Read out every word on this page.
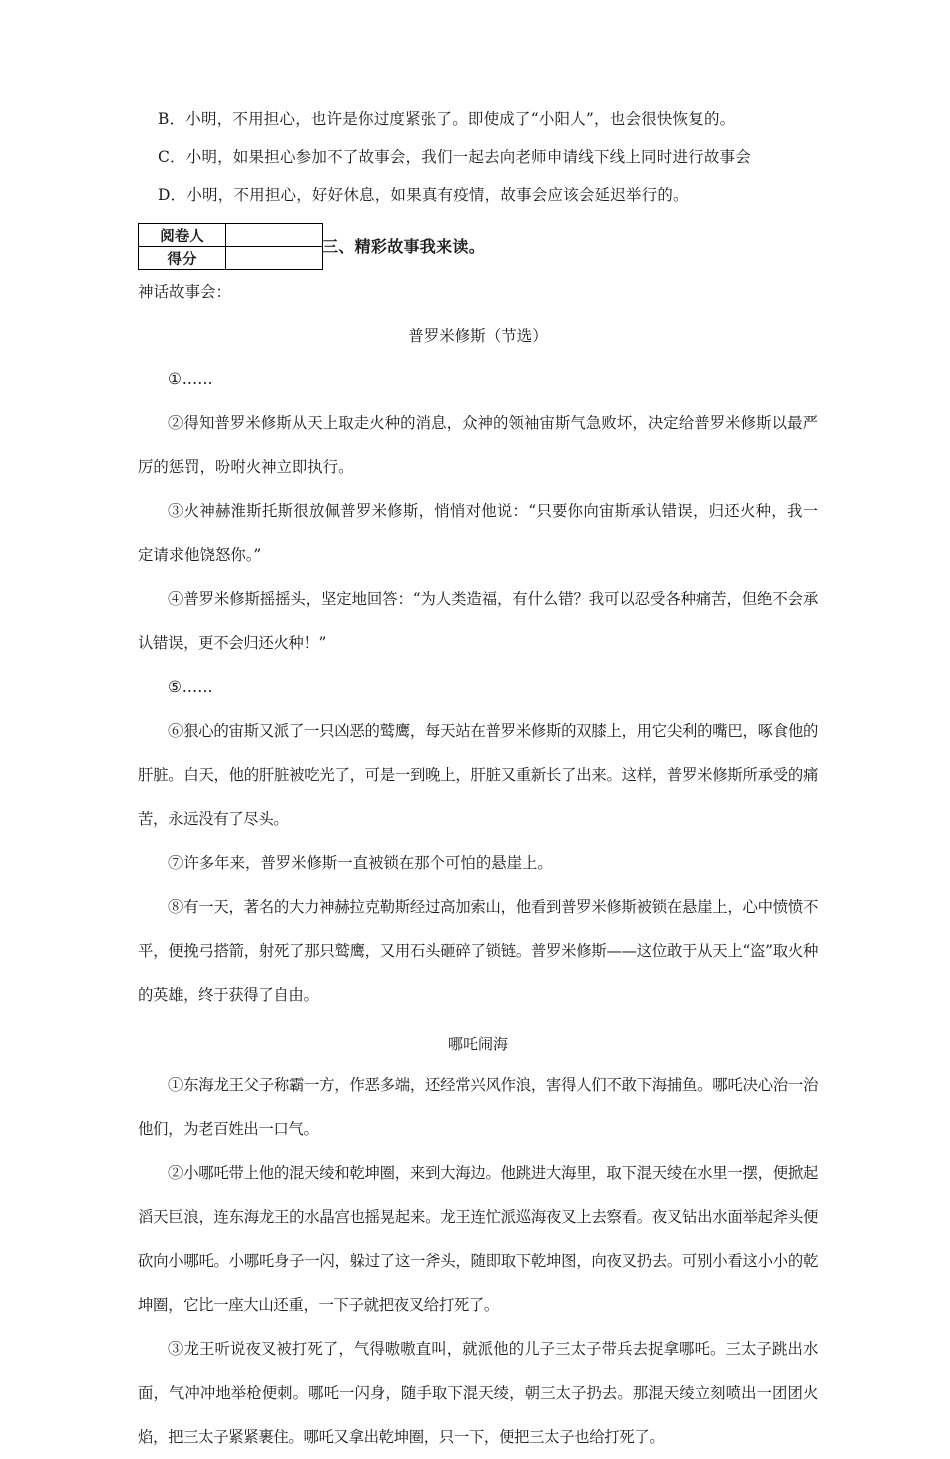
B．小明，不用担心，也许是你过度紧张了。即使成了“小阳人”，也会很快恢复的。
C．小明，如果担心参加不了故事会，我们一起去向老师申请线下线上同时进行故事会
D．小明，不用担心，好好休息，如果真有疫情，故事会应该会延迟举行的。
阅卷人	
得分	
三、精彩故事我来读。
神话故事会：
普罗米修斯（节选）

①……

②得知普罗米修斯从天上取走火种的消息，众神的领袖宙斯气急败坏，决定给普罗米修斯以最严厉的惩罚，吩咐火神立即执行。

③火神赫淮斯托斯很放佩普罗米修斯，悄悄对他说：“只要你向宙斯承认错误，归还火种，我一定请求他饶怒你。”

④普罗米修斯摇摇头，坚定地回答：“为人类造福，有什么错？我可以忍受各种痛苦，但绝不会承认错误，更不会归还火种！”

⑤……

⑥狠心的宙斯又派了一只凶恶的鹫鹰，每天站在普罗米修斯的双膝上，用它尖利的嘴巴，啄食他的肝脏。白天，他的肝脏被吃光了，可是一到晚上，肝脏又重新长了出来。这样，普罗米修斯所承受的痛苦，永远没有了尽头。

⑦许多年来，普罗米修斯一直被锁在那个可怕的悬崖上。

⑧有一天，著名的大力神赫拉克勒斯经过高加索山，他看到普罗米修斯被锁在悬崖上，心中愤愤不平，便挽弓搭箭，射死了那只鹫鹰，又用石头砸碎了锁链。普罗米修斯——这位敢于从天上“盗”取火种的英雄，终于获得了自由。

哪吒闹海

①东海龙王父子称霸一方，作恶多端，还经常兴风作浪，害得人们不敢下海捕鱼。哪吒决心治一治他们，为老百姓出一口气。

②小哪吒带上他的混天绫和乾坤圈，来到大海边。他跳进大海里，取下混天绫在水里一摆，便掀起滔天巨浪，连东海龙王的水晶宫也摇晃起来。龙王连忙派巡海夜叉上去察看。夜叉钻出水面举起斧头便砍向小哪吒。小哪吒身子一闪，躲过了这一斧头，随即取下乾坤图，向夜叉扔去。可别小看这小小的乾坤圈，它比一座大山还重，一下子就把夜叉给打死了。

③龙王听说夜叉被打死了，气得嗷嗷直叫，就派他的儿子三太子带兵去捉拿哪吒。三太子跳出水面，气冲冲地举枪便刺。哪吒一闪身，随手取下混天绫，朝三太子扔去。那混天绫立刻喷出一团团火焰，把三太子紧紧裹住。哪吒又拿出乾坤圈，只一下，便把三太子也给打死了。
